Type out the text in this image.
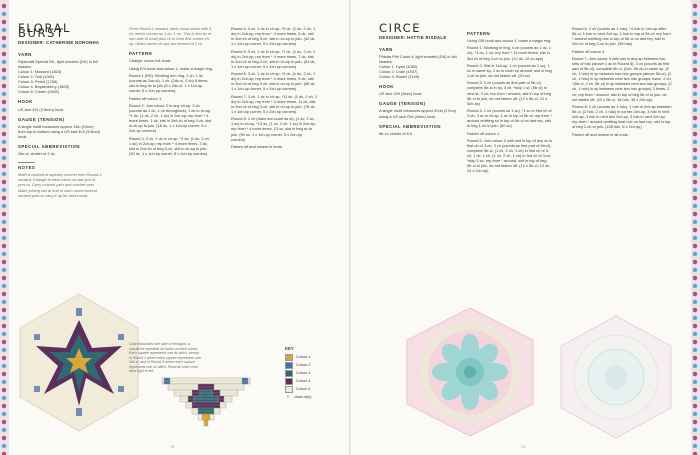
FLORAL BURST
DESIGNER: CATHERINE NORONHA
YARN
Stylecraft Special DK, light worsted (DK) in foll shades:
Colour 1: Mustard (1823)
Colour 2: Teal (1062)
Colour 3: Petrol (1708)
Colour 4: Boysenberry (1828)
Colour 5: Cream (1005)
HOOK
US size E/4 (3.5mm) hook
GAUGE (TENSION)
A single motif measures approx 11in (19cm) from top to bottom using a US size E/4 (3.5mm) hook.
SPECIAL ABBREVIATION
2dc-cl, cluster of 2 dc
NOTES
Motif is worked in tapestry crochet from Round 3 onward. Change to next colour on last yoh of prev st. Carry unused yarn and crochet over. Make joining slst at end of each round around unused yarn to carry it up for next round.
From Round 2 onward, each round starts with 3 ch, which counts as 1 dc, 1 ch. This is first dc of one side of motif plus ch to form first corner ch-sp. Other corner ch-sps are formed of 2 ch.
PATTERN
Change colour foll chart.
Using E/4 hook and colour 1, make a magic ring.
Round 1 (RS): Working into ring, 2 ch, 1 dc (counts as 2dc-cl), 1 ch, (2dc-cl, 2 ch) 5 times, slst in beg dc to join (6 x 2dc-cl, 1 x 1ch-sp corner, 5 x 2ch-sp corners).
Fasten off colour 1.
Round 2: Join colour 2 to any ch-sp, 3 ch (counts as 1 dc, 1 ch throughout), 1 dc in ch-sp, *1 dc, (1 dc, 2 ch, 1 dc) in 2ch-sp; rep from * 4 more times, 1 dc, slst in 2nd ch of beg 3-ch, slst in ch-sp to join. (18 dc, 1 x 1ch-sp corner, 5 x 2ch-sp corners)
Round 3: 3 ch, 1 dc in ch-sp, *3 dc, (1 dc, 2 ch, 1 dc) in 2ch-sp; rep from * 4 more times, 3 dc, slst in 2nd ch of beg 3-ch, slst in ch-sp to join. (30 dc, 1 x 1ch-sp corner, 5 x 2ch-sp corners)
Round 4: 3 ch, 1 dc in ch-sp, *5 dc, (1 dc, 2 ch, 1 dc) in 2ch-sp; rep from * 4 more times, 5 dc, slst in 2nd ch of beg 3-ch, slst in ch-sp to join. (42 dc, 1 x 1ch-sp corner, 5 x 2ch-sp corners)
Round 5: 3 ch, 1 dc in ch-sp, *7 dc, (1 dc, 2 ch, 1 dc) in 2ch-sp; rep from * 4 more times, 7 dc, slst in 2nd ch of beg 3-ch, slst in ch-sp to join. (54 dc, 1 x 1ch-sp corner, 5 x 2ch-sp corners)
Round 6: 3 ch, 1 dc in ch-sp, *9 dc, (1 dc, 2 ch, 1 dc) in 2ch-sp; rep from * 4 more times, 9 dc, slst in 2nd ch of beg 3-ch, slst in ch-sp to join. (66 dc, 1 x 1ch-sp corner, 5 x 2ch-sp corners)
Round 7: 3 ch, 1 dc in ch-sp, *11 dc, (1 dc, 2 ch, 1 dc) in 2ch-sp; rep from * 4 more times, 11 dc, slst in 2nd ch of beg 3-ch, slst in ch-sp to join. (78 dc, 1 x 1ch-sp corner, 5 x 2ch-sp corners)
Round 8: 1 ch (does not count as st), (1 sc, 2 sc, 1 sc) in ch-sp, *13 sc, (1 sc, 2 ch, 1 sc) in 2ch-sp; rep from * 4 more times, 13 sc, slst in beg sc to join. (90 sc, 1 x 1ch-sp corner, 5 x 2ch-sp corners)
Fasten off and weave in ends.
Chart illustrates one side of hexagon; is should be repeated six times on each round. Each square represents one dc stitch, except in Round 1 where each square represents one 2dc-cl, and in Round 8 where each square represents one sc stitch. Read all chart rows from right to left.
KEY
Colour 1
Colour 2
Colour 3
Colour 4
Colour 5
○	chain st(s)
70
CIRCE
DESIGNER: HATTIE RISDALE
YARN
Phildar Phil Coton 4, light worsted (DK) in foll shades:
Colour 1: Cyan (1082)
Colour 2: Craie (1937)
Colour 3: Rosee (1149)
HOOK
US size G/6 (4mm) hook
GAUGE (TENSION)
A single motif measures approx 6¾in (17cm) using a US size G/6 (4mm) hook.
SPECIAL ABBREVIATION
5tr-cl, cluster of 5 tr
PATTERN
Using G/6 hook and colour 1, make a magic ring.
Round 1: Working in ring, 4 ch (counts as 1 dc, 1 ch), *1 dc, 1 ch; rep from * 11 more times, slst in 3rd ch of beg 4-ch to join. (12 dc, 12 ch-sps)
Round 2: Slst in 1ch-sp, 1 ch (counts as 1 sc), 1 sc in same sp, 2 sc in each sp around, slst in beg 1-ch to join, do not fasten off. (24 sc)
Round 3: 3 ch (counts as first part of 5tr-cl) complete 5tr-cl in sp, 3 ch, *skip 1 st, (5tr-cl) in next st, 3 ch; rep from * around, slst in top of beg 5tr-cl to join, do not fasten off. (12 x 5tr-cl, 12 x 3ch-sp)
Round 4: 1 ch (counts as 1 sc), *1 sc in first ch of 3-ch, 3 sc in ch-sp, 1 sc in top of 5tr-cl; rep from * around omitting sc in top of 5tr-cl on last rep, slst in beg 1-ch to join. (60 sc)
Fasten off colour 1.
Round 5: Join colour 2 with slst in top of any sc in first ch of 3-ch, 3 ch (counts as first part of 5tr-cl), complete 5tr-cl, (1 ch, 2 ch, 1 ch) in first ch of 3-ch, 1 dc, 1 ch, (1 ch, 2 ch, 1 ch) in 3rd ch of 3-ch, *skip 3 sc, rep from * around, slst in top of beg 5tr-cl to join, do not fasten off. (12 x 5tr-cl, 12 dc, 24 x 2ch-sp)
Round 6: 2 ch (counts as 1 hdc), *4 hdc in 2ch-sp after 5tr-cl, 1 hdc in next 2ch-sp, 1 hdc in top of 5tr-cl; rep from * around omitting hdc in top of 5tr-cl on last rep, slst in 2nd ch of beg 2-ch to join. (96 hdc)
Fasten off colour 2.
Round 7: Join colour 3 with slst in any sp between two sets of hdc (above 1 dc in Round 5), 3 ch (counts as first part of 5tr-cl), complete 5tr-cl, (2ch, 5tr-cl) in same sp, (2 ch, 1 hdc) in sp between two hdc groups (above 5tr-cl), (2 ch, 1 hdc) in sp between next two hdc groups; twice, 2 ch, *(5tr-cl, 2 ch, 5tr-cl) in sp between next two hdc groups, (2 ch, 1 hdc) in sp between next two hdc groups) 3 times, 2 ch; rep from * around, slst in top of beg 5tr-cl to join, do not fasten off. (12 x 5tr-cl, 16 hdc, 36 x 2ch-sp)
Round 8: 2 ch (counts as 1 hdc), 1 hdc in 2ch-sp between 5tr-cl, (2 hdc, 2 ch, 1 hdc) in corner 2ch-sp, 3 hdc in next 2ch-sp, 4 hdc in next two 2ch-sp, 3 hdc in next 2ch-sp; rep from * around omitting final hdc on last rep, slst in top of beg 2-ch to join. (108 hdc, 6 x 2ch-sp)
Fasten off and weave in all ends.
71
